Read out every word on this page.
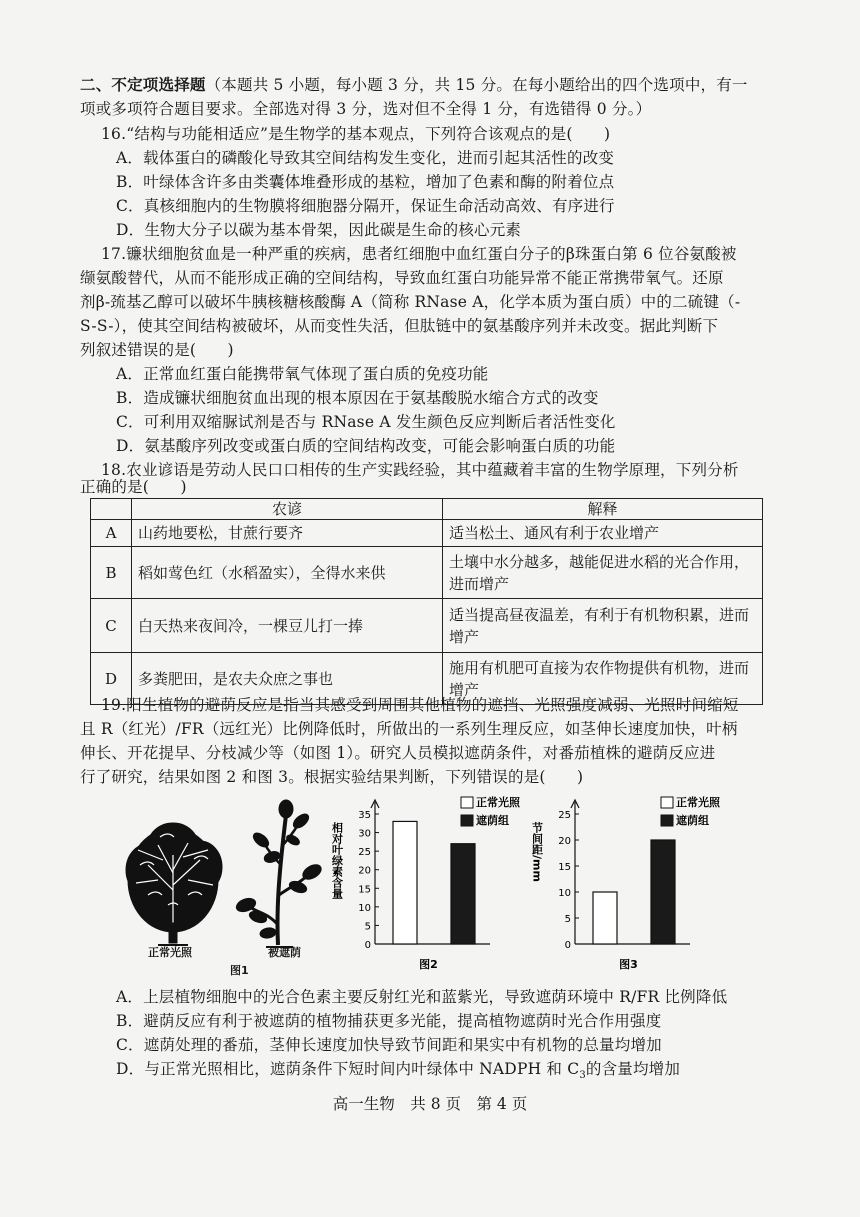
二、不定项选择题（本题共 5 小题，每小题 3 分，共 15 分。在每小题给出的四个选项中，有一
项或多项符合题目要求。全部选对得 3 分，选对但不全得 1 分，有选错得 0 分。）
16.“结构与功能相适应”是生物学的基本观点，下列符合该观点的是(　　)
A．载体蛋白的磷酸化导致其空间结构发生变化，进而引起其活性的改变
B．叶绿体含许多由类囊体堆叠形成的基粒，增加了色素和酶的附着位点
C．真核细胞内的生物膜将细胞器分隔开，保证生命活动高效、有序进行
D．生物大分子以碳为基本骨架，因此碳是生命的核心元素
17.镰状细胞贫血是一种严重的疾病，患者红细胞中血红蛋白分子的β珠蛋白第 6 位谷氨酸被
缬氨酸替代，从而不能形成正确的空间结构，导致血红蛋白功能异常不能正常携带氧气。还原
剂β-巯基乙醇可以破坏牛胰核糖核酸酶 A（简称 RNase A，化学本质为蛋白质）中的二硫键（-
S-S-），使其空间结构被破坏，从而变性失活，但肽链中的氨基酸序列并未改变。据此判断下
列叙述错误的是(　　)
A．正常血红蛋白能携带氧气体现了蛋白质的免疫功能
B．造成镰状细胞贫血出现的根本原因在于氨基酸脱水缩合方式的改变
C．可利用双缩脲试剂是否与 RNase A 发生颜色反应判断后者活性变化
D．氨基酸序列改变或蛋白质的空间结构改变，可能会影响蛋白质的功能
18.农业谚语是劳动人民口口相传的生产实践经验，其中蕴藏着丰富的生物学原理，下列分析
正确的是(　　)
	农谚	解释
A	山药地要松，甘蔗行要齐	适当松土、通风有利于农业增产
B	稻如莺色红（水稻盈实），全得水来供	土壤中水分越多，越能促进水稻的光合作用，进而增产
C	白天热来夜间冷，一棵豆儿打一捧	适当提高昼夜温差，有利于有机物积累，进而增产
D	多粪肥田，是农夫众庶之事也	施用有机肥可直接为农作物提供有机物，进而增产
19.阳生植物的避荫反应是指当其感受到周围其他植物的遮挡、光照强度减弱、光照时间缩短
且 R（红光）/FR（远红光）比例降低时，所做出的一系列生理反应，如茎伸长速度加快，叶柄
伸长、开花提早、分枝减少等（如图 1）。研究人员模拟遮荫条件，对番茄植株的避荫反应进
行了研究，结果如图 2 和图 3。根据实验结果判断，下列错误的是(　　)
正常光照	被遮荫
图1
0
5
10
15
20
25
30
35
相对叶绿素含量
正常光照
遮荫组
图2
0
5
10
15
20
25
节间距/mm
正常光照
遮荫组
图3
A．上层植物细胞中的光合色素主要反射红光和蓝紫光，导致遮荫环境中 R/FR 比例降低
B．避荫反应有利于被遮荫的植物捕获更多光能，提高植物遮荫时光合作用强度
C．遮荫处理的番茄，茎伸长速度加快导致节间距和果实中有机物的总量均增加
D．与正常光照相比，遮荫条件下短时间内叶绿体中 NADPH 和 $C_3$的含量均增加
高一生物　共 8 页　第 4 页
